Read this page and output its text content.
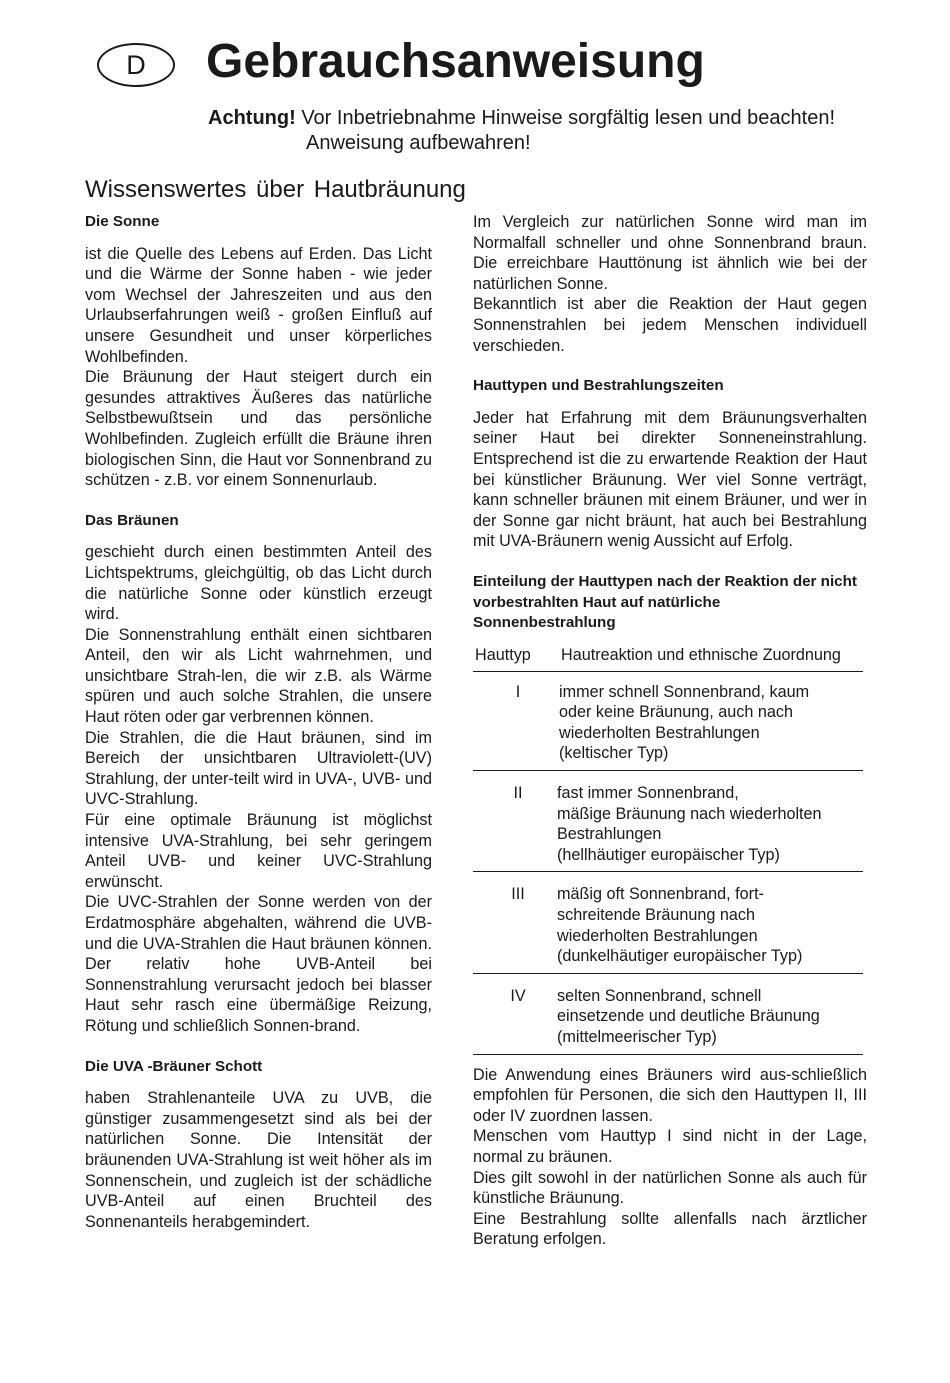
D	Gebrauchsanweisung
Achtung! Vor Inbetriebnahme Hinweise sorgfältig lesen und beachten!
Anweisung aufbewahren!
Wissenswertes über Hautbräunung
Die Sonne

ist die Quelle des Lebens auf Erden. Das Licht und die Wärme der Sonne haben - wie jeder vom Wechsel der Jahreszeiten und aus den Urlaubserfahrungen weiß - großen Einfluß auf unsere Gesundheit und unser körperliches Wohlbefinden.

Die Bräunung der Haut steigert durch ein gesundes attraktives Äußeres das natürliche Selbstbewußtsein und das persönliche Wohlbefinden. Zugleich erfüllt die Bräune ihren biologischen Sinn, die Haut vor Sonnenbrand zu schützen - z.B. vor einem Sonnenurlaub.

Das Bräunen

geschieht durch einen bestimmten Anteil des Lichtspektrums, gleichgültig, ob das Licht durch die natürliche Sonne oder künstlich erzeugt wird.

Die Sonnenstrahlung enthält einen sichtbaren Anteil, den wir als Licht wahrnehmen, und unsichtbare Strah-len, die wir z.B. als Wärme spüren und auch solche Strahlen, die unsere Haut röten oder gar verbrennen können.

Die Strahlen, die die Haut bräunen, sind im Bereich der unsichtbaren Ultraviolett-(UV) Strahlung, der unter-teilt wird in UVA-, UVB- und UVC-Strahlung.

Für eine optimale Bräunung ist möglichst intensive UVA-Strahlung, bei sehr geringem Anteil UVB- und keiner UVC-Strahlung erwünscht.

Die UVC-Strahlen der Sonne werden von der Erdatmosphäre abgehalten, während die UVB- und die UVA-Strahlen die Haut bräunen können. Der relativ hohe UVB-Anteil bei Sonnenstrahlung verursacht jedoch bei blasser Haut sehr rasch eine übermäßige Reizung, Rötung und schließlich Sonnen-brand.

Die UVA -Bräuner Schott

haben Strahlenanteile UVA zu UVB, die günstiger zusammengesetzt sind als bei der natürlichen Sonne. Die Intensität der bräunenden UVA-Strahlung ist weit höher als im Sonnenschein, und zugleich ist der schädliche UVB-Anteil auf einen Bruchteil des Sonnenanteils herabgemindert.

Im Vergleich zur natürlichen Sonne wird man im Normalfall schneller und ohne Sonnenbrand braun. Die erreichbare Hauttönung ist ähnlich wie bei der natürlichen Sonne.

Bekanntlich ist aber die Reaktion der Haut gegen Sonnenstrahlen bei jedem Menschen individuell verschieden.

Hauttypen und Bestrahlungszeiten

Jeder hat Erfahrung mit dem Bräunungsverhalten seiner Haut bei direkter Sonneneinstrahlung. Entsprechend ist die zu erwartende Reaktion der Haut bei künstlicher Bräunung. Wer viel Sonne verträgt, kann schneller bräunen mit einem Bräuner, und wer in der Sonne gar nicht bräunt, hat auch bei Bestrahlung mit UVA-Bräunern wenig Aussicht auf Erfolg.

Einteilung der Hauttypen nach der Reaktion der nicht vorbestrahlten Haut auf natürliche Sonnenbestrahlung
Hauttyp	Hautreaktion und ethnische Zuordnung
I	immer schnell Sonnenbrand, kaum
oder keine Bräunung, auch nach
wiederholten Bestrahlungen
(keltischer Typ)
II	fast immer Sonnenbrand,
mäßige Bräunung nach wiederholten
Bestrahlungen
(hellhäutiger europäischer Typ)
III	mäßig oft Sonnenbrand, fort-
schreitende Bräunung nach
wiederholten Bestrahlungen
(dunkelhäutiger europäischer Typ)
IV	selten Sonnenbrand, schnell
einsetzende und deutliche Bräunung
(mittelmeerischer Typ)

Die Anwendung eines Bräuners wird aus-schließlich empfohlen für Personen, die sich den Hauttypen II, III oder IV zuordnen lassen.

Menschen vom Hauttyp I sind nicht in der Lage, normal zu bräunen.

Dies gilt sowohl in der natürlichen Sonne als auch für künstliche Bräunung.

Eine Bestrahlung sollte allenfalls nach ärztlicher Beratung erfolgen.
